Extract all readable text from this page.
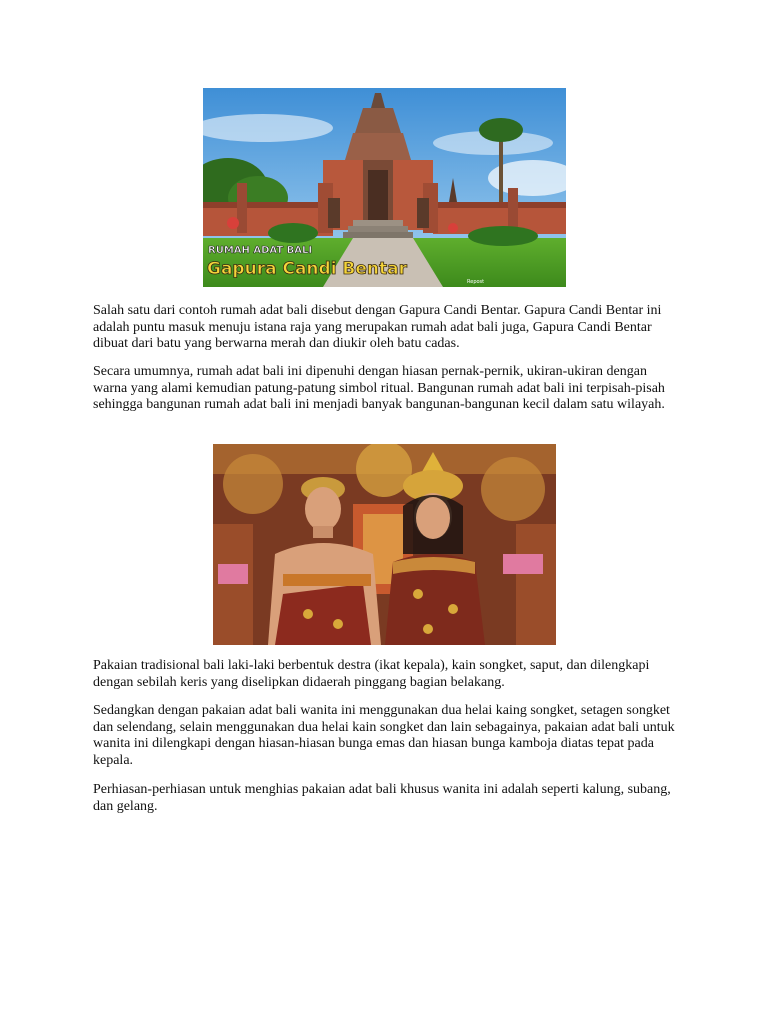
RUMAH ADAT BALI
Gapura Candi Bentar
Repost

Salah satu dari contoh rumah adat bali disebut dengan Gapura Candi Bentar. Gapura Candi Bentar ini adalah puntu masuk menuju istana raja yang merupakan rumah adat bali juga, Gapura Candi Bentar dibuat dari batu yang berwarna merah dan diukir oleh batu cadas.

Secara umumnya, rumah adat bali ini dipenuhi dengan hiasan pernak-pernik, ukiran-ukiran dengan warna yang alami kemudian patung-patung simbol ritual. Bangunan rumah adat bali ini terpisah-pisah sehingga bangunan rumah adat bali ini menjadi banyak bangunan-bangunan kecil dalam satu wilayah.

Pakaian tradisional bali laki-laki berbentuk destra (ikat kepala), kain songket, saput, dan dilengkapi dengan sebilah keris yang diselipkan didaerah pinggang bagian belakang.

Sedangkan dengan pakaian adat bali wanita ini menggunakan dua helai kaing songket, setagen songket dan selendang, selain menggunakan dua helai kain songket dan lain sebagainya, pakaian adat bali untuk wanita ini dilengkapi dengan hiasan-hiasan bunga emas dan hiasan bunga kamboja diatas tepat pada kepala.

Perhiasan-perhiasan untuk menghias pakaian adat bali khusus wanita ini adalah seperti kalung, subang, dan gelang.
